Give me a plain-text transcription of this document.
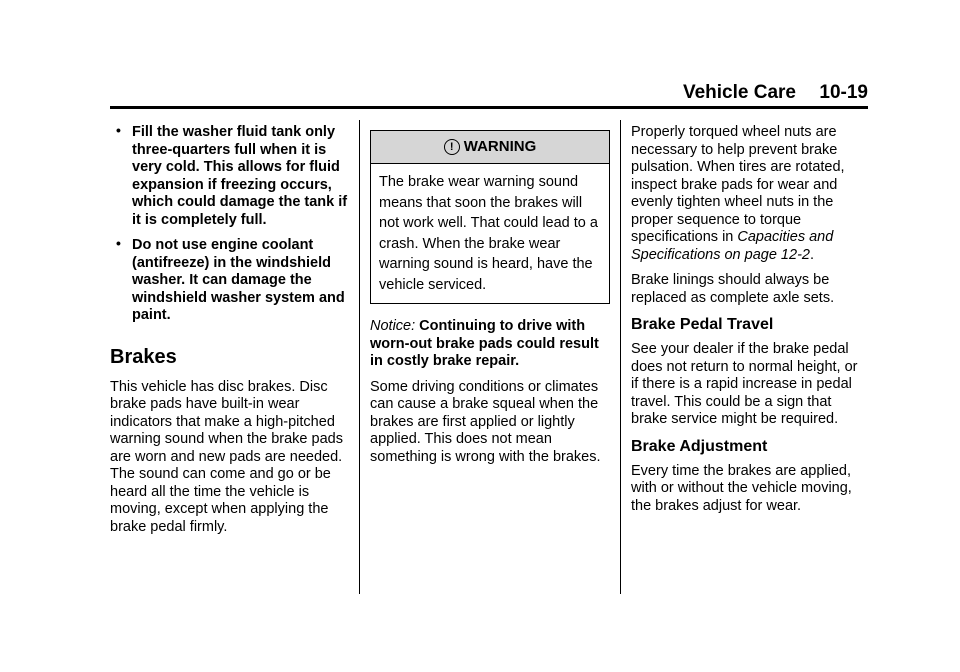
Vehicle Care 10-19
• Fill the washer fluid tank only three-quarters full when it is very cold. This allows for fluid expansion if freezing occurs, which could damage the tank if it is completely full.
• Do not use engine coolant (antifreeze) in the windshield washer. It can damage the windshield washer system and paint.
Brakes

This vehicle has disc brakes. Disc brake pads have built-in wear indicators that make a high-pitched warning sound when the brake pads are worn and new pads are needed. The sound can come and go or be heard all the time the vehicle is moving, except when applying the brake pedal firmly.

! WARNING
The brake wear warning sound means that soon the brakes will not work well. That could lead to a crash. When the brake wear warning sound is heard, have the vehicle serviced.

Notice: Continuing to drive with worn-out brake pads could result in costly brake repair.

Some driving conditions or climates can cause a brake squeal when the brakes are first applied or lightly applied. This does not mean something is wrong with the brakes.

Properly torqued wheel nuts are necessary to help prevent brake pulsation. When tires are rotated, inspect brake pads for wear and evenly tighten wheel nuts in the proper sequence to torque specifications in Capacities and Specifications on page 12-2.

Brake linings should always be replaced as complete axle sets.

Brake Pedal Travel

See your dealer if the brake pedal does not return to normal height, or if there is a rapid increase in pedal travel. This could be a sign that brake service might be required.

Brake Adjustment

Every time the brakes are applied, with or without the vehicle moving, the brakes adjust for wear.
